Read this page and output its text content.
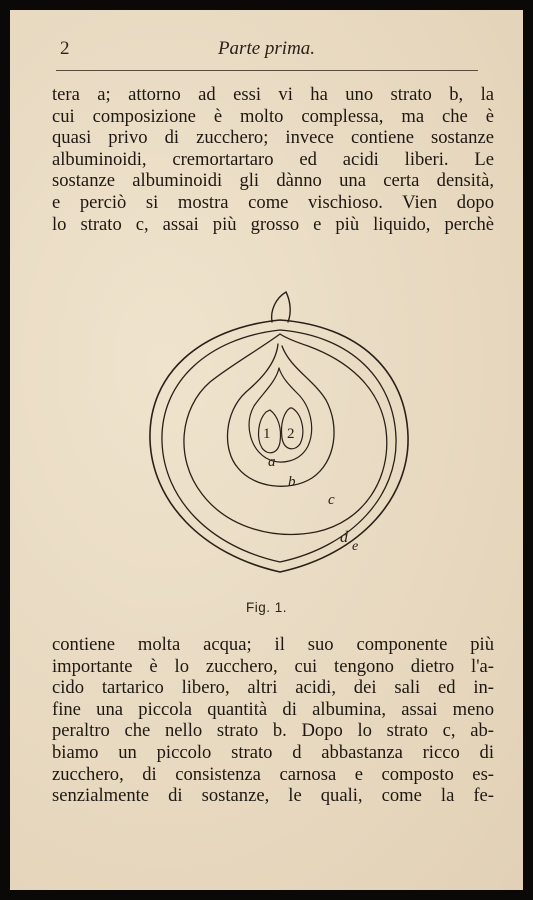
2	Parte prima.
tera a; attorno ad essi vi ha uno strato b, la
cui composizione è molto complessa, ma che è
quasi privo di zucchero; invece contiene sostanze
albuminoidi, cremortartaro ed acidi liberi. Le
sostanze albuminoidi gli dànno una certa densità,
e perciò si mostra come vischioso. Vien dopo
lo strato c, assai più grosso e più liquido, perchè
1 2
a
b
c
d
e
Fig. 1.
contiene molta acqua; il suo componente più
importante è lo zucchero, cui tengono dietro l'a-
cido tartarico libero, altri acidi, dei sali ed in-
fine una piccola quantità di albumina, assai meno
peraltro che nello strato b. Dopo lo strato c, ab-
biamo un piccolo strato d abbastanza ricco di
zucchero, di consistenza carnosa e composto es-
senzialmente di sostanze, le quali, come la fe-
